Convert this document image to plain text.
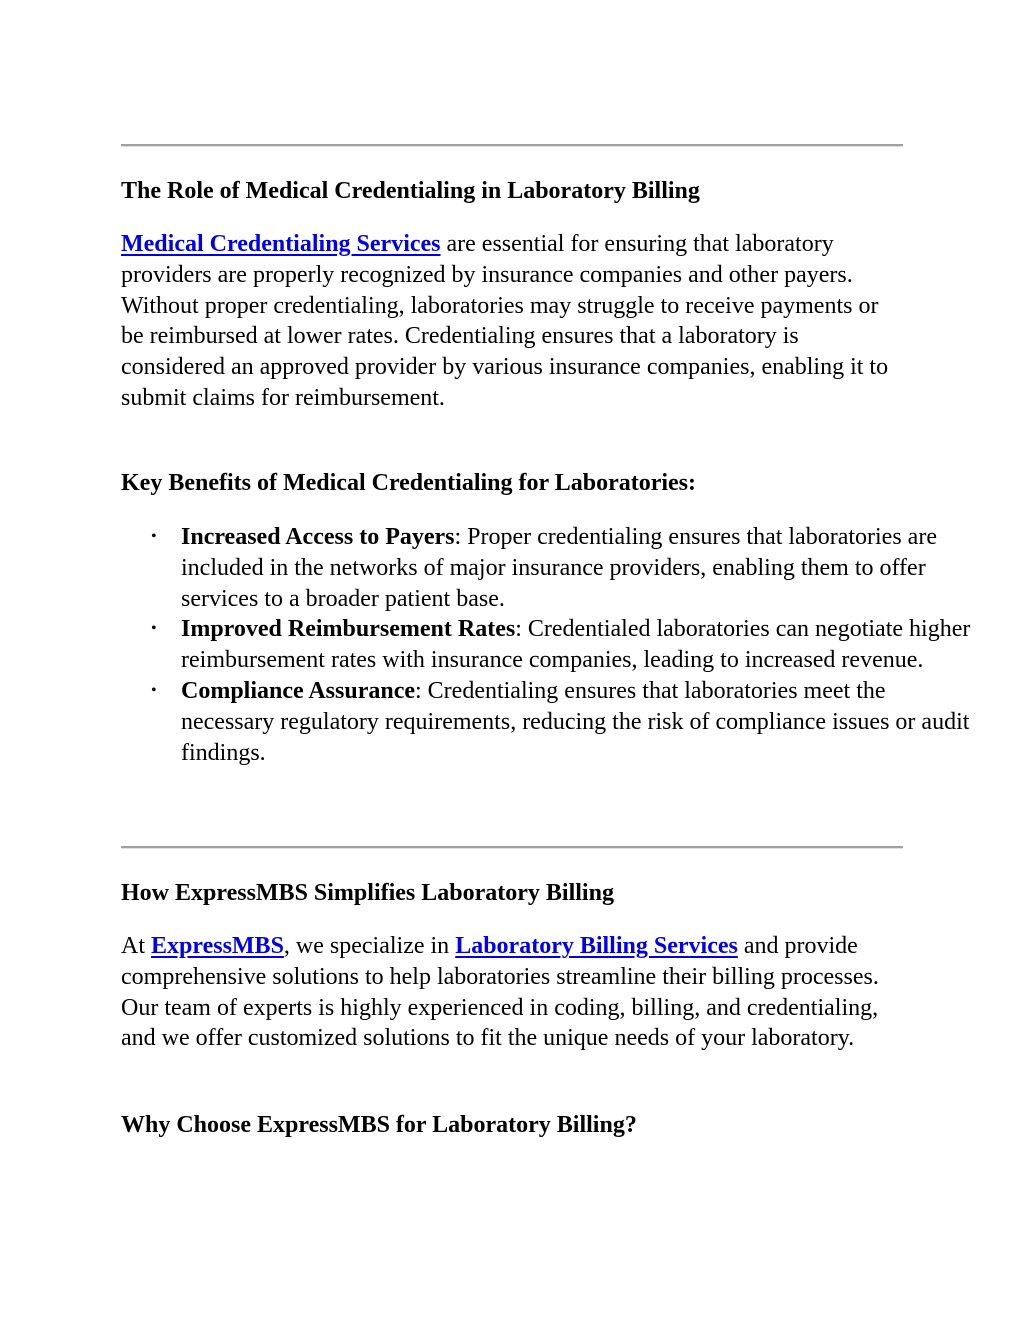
The Role of Medical Credentialing in Laboratory Billing

Medical Credentialing Services are essential for ensuring that laboratory providers are properly recognized by insurance companies and other payers. Without proper credentialing, laboratories may struggle to receive payments or be reimbursed at lower rates. Credentialing ensures that a laboratory is considered an approved provider by various insurance companies, enabling it to submit claims for reimbursement.

Key Benefits of Medical Credentialing for Laboratories:
• Increased Access to Payers: Proper credentialing ensures that laboratories are included in the networks of major insurance providers, enabling them to offer services to a broader patient base.
• Improved Reimbursement Rates: Credentialed laboratories can negotiate higher reimbursement rates with insurance companies, leading to increased revenue.
• Compliance Assurance: Credentialing ensures that laboratories meet the necessary regulatory requirements, reducing the risk of compliance issues or audit findings.
How ExpressMBS Simplifies Laboratory Billing

At ExpressMBS, we specialize in Laboratory Billing Services and provide comprehensive solutions to help laboratories streamline their billing processes. Our team of experts is highly experienced in coding, billing, and credentialing, and we offer customized solutions to fit the unique needs of your laboratory.

Why Choose ExpressMBS for Laboratory Billing?
